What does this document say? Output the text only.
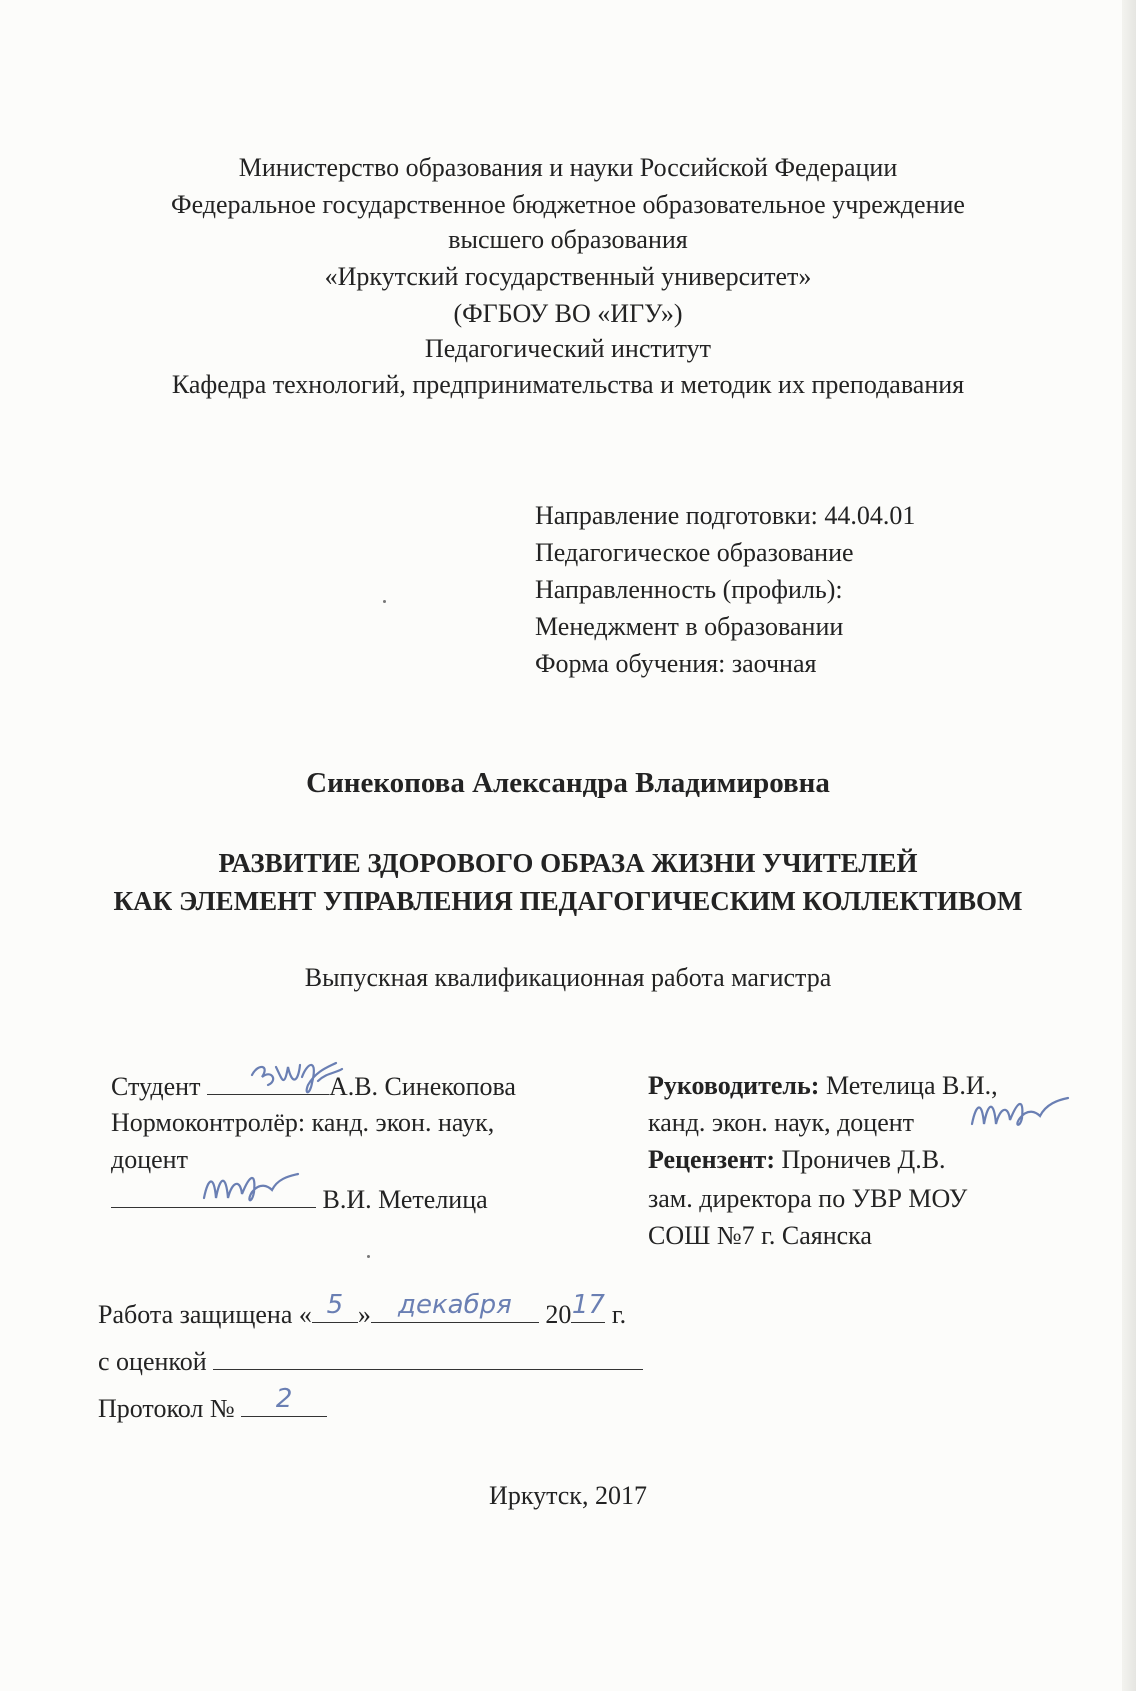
Министерство образования и науки Российской Федерации
Федеральное государственное бюджетное образовательное учреждение
высшего образования
«Иркутский государственный университет»
(ФГБОУ ВО «ИГУ»)
Педагогический институт
Кафедра технологий, предпринимательства и методик их преподавания
Направление подготовки: 44.04.01
Педагогическое образование
Направленность (профиль):
Менеджмент в образовании
Форма обучения: заочная
Синекопова Александра Владимировна
РАЗВИТИЕ ЗДОРОВОГО ОБРАЗА ЖИЗНИ УЧИТЕЛЕЙ
КАК ЭЛЕМЕНТ УПРАВЛЕНИЯ ПЕДАГОГИЧЕСКИМ КОЛЛЕКТИВОМ
Выпускная квалификационная работа магистра
Студент	А.В. Синекопова
Нормоконтролёр: канд. экон. наук,
доцент
В.И. Метелица
Руководитель: Метелица В.И.,
канд. экон. наук, доцент
Рецензент: Проничев Д.В.
зам. директора по УВР МОУ
СОШ №7 г. Саянска
Работа защищена « 5 »	декабря	20 17 г.
с оценкой
Протокол №	2
Иркутск, 2017
